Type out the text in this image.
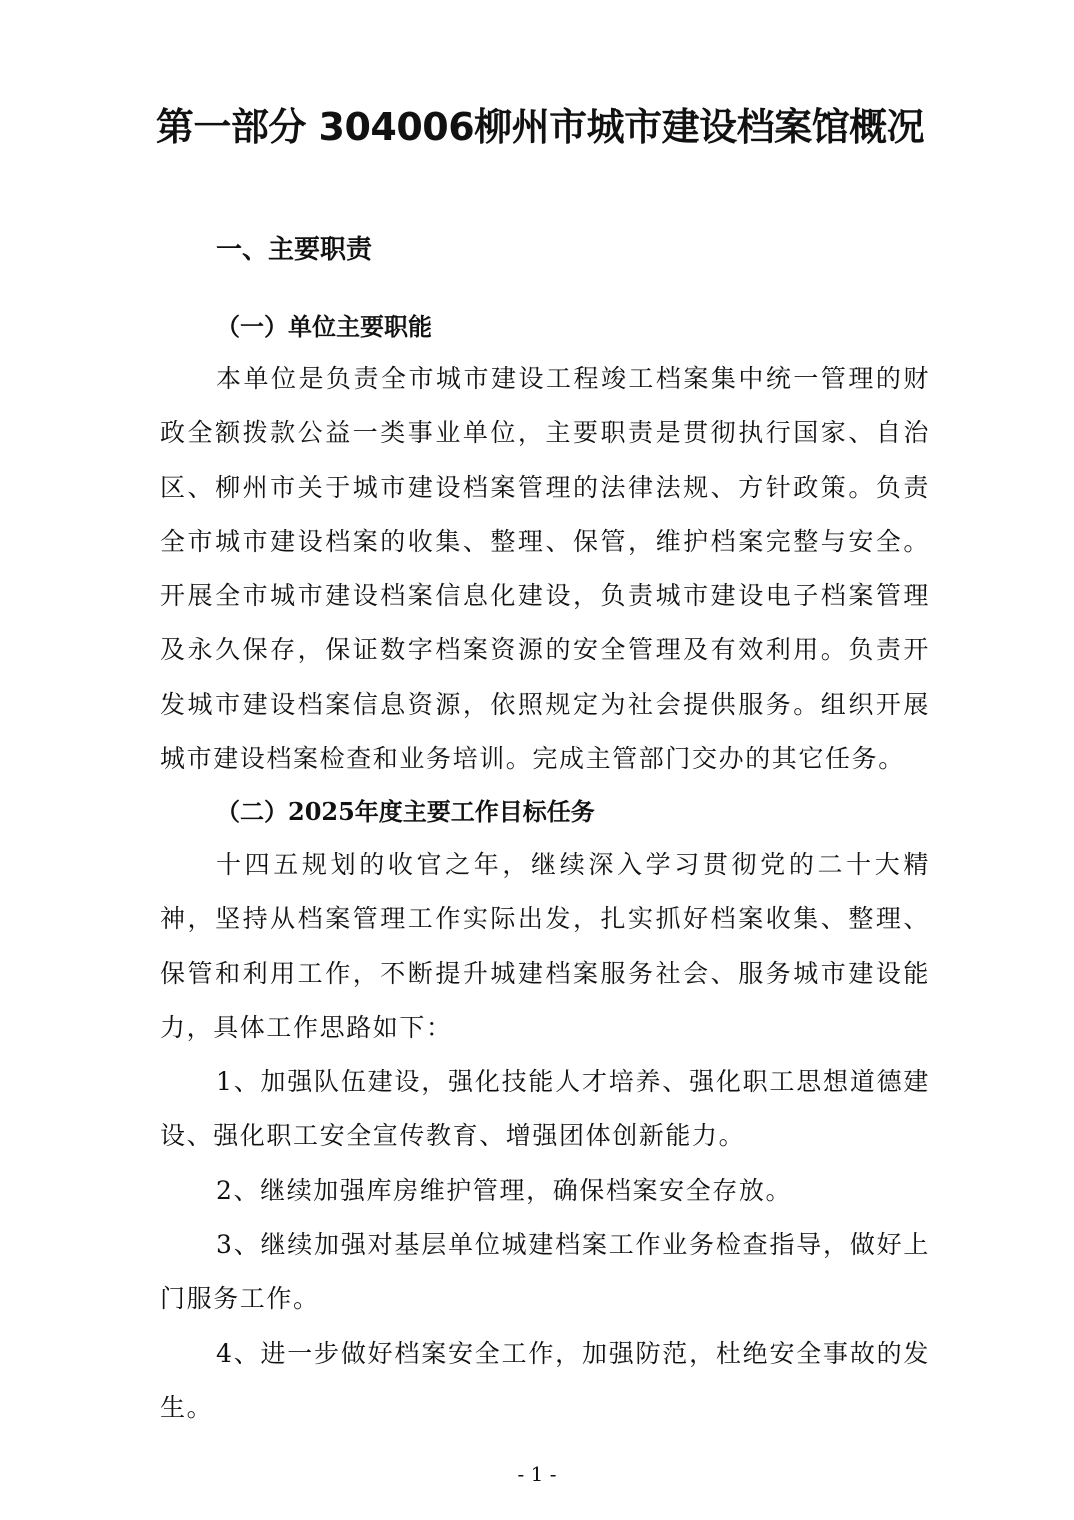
第一部分 304006柳州市城市建设档案馆概况
一、主要职责
（一）单位主要职能

本单位是负责全市城市建设工程竣工档案集中统一管理的财政全额拨款公益一类事业单位，主要职责是贯彻执行国家、自治区、柳州市关于城市建设档案管理的法律法规、方针政策。负责全市城市建设档案的收集、整理、保管，维护档案完整与安全。开展全市城市建设档案信息化建设，负责城市建设电子档案管理及永久保存，保证数字档案资源的安全管理及有效利用。负责开发城市建设档案信息资源，依照规定为社会提供服务。组织开展城市建设档案检查和业务培训。完成主管部门交办的其它任务。

（二）2025年度主要工作目标任务

十四五规划的收官之年，继续深入学习贯彻党的二十大精神，坚持从档案管理工作实际出发，扎实抓好档案收集、整理、保管和利用工作，不断提升城建档案服务社会、服务城市建设能力，具体工作思路如下：

1、加强队伍建设，强化技能人才培养、强化职工思想道德建设、强化职工安全宣传教育、增强团体创新能力。

2、继续加强库房维护管理，确保档案安全存放。

3、继续加强对基层单位城建档案工作业务检查指导，做好上门服务工作。

4、进一步做好档案安全工作，加强防范，杜绝安全事故的发生。

- 1 -
